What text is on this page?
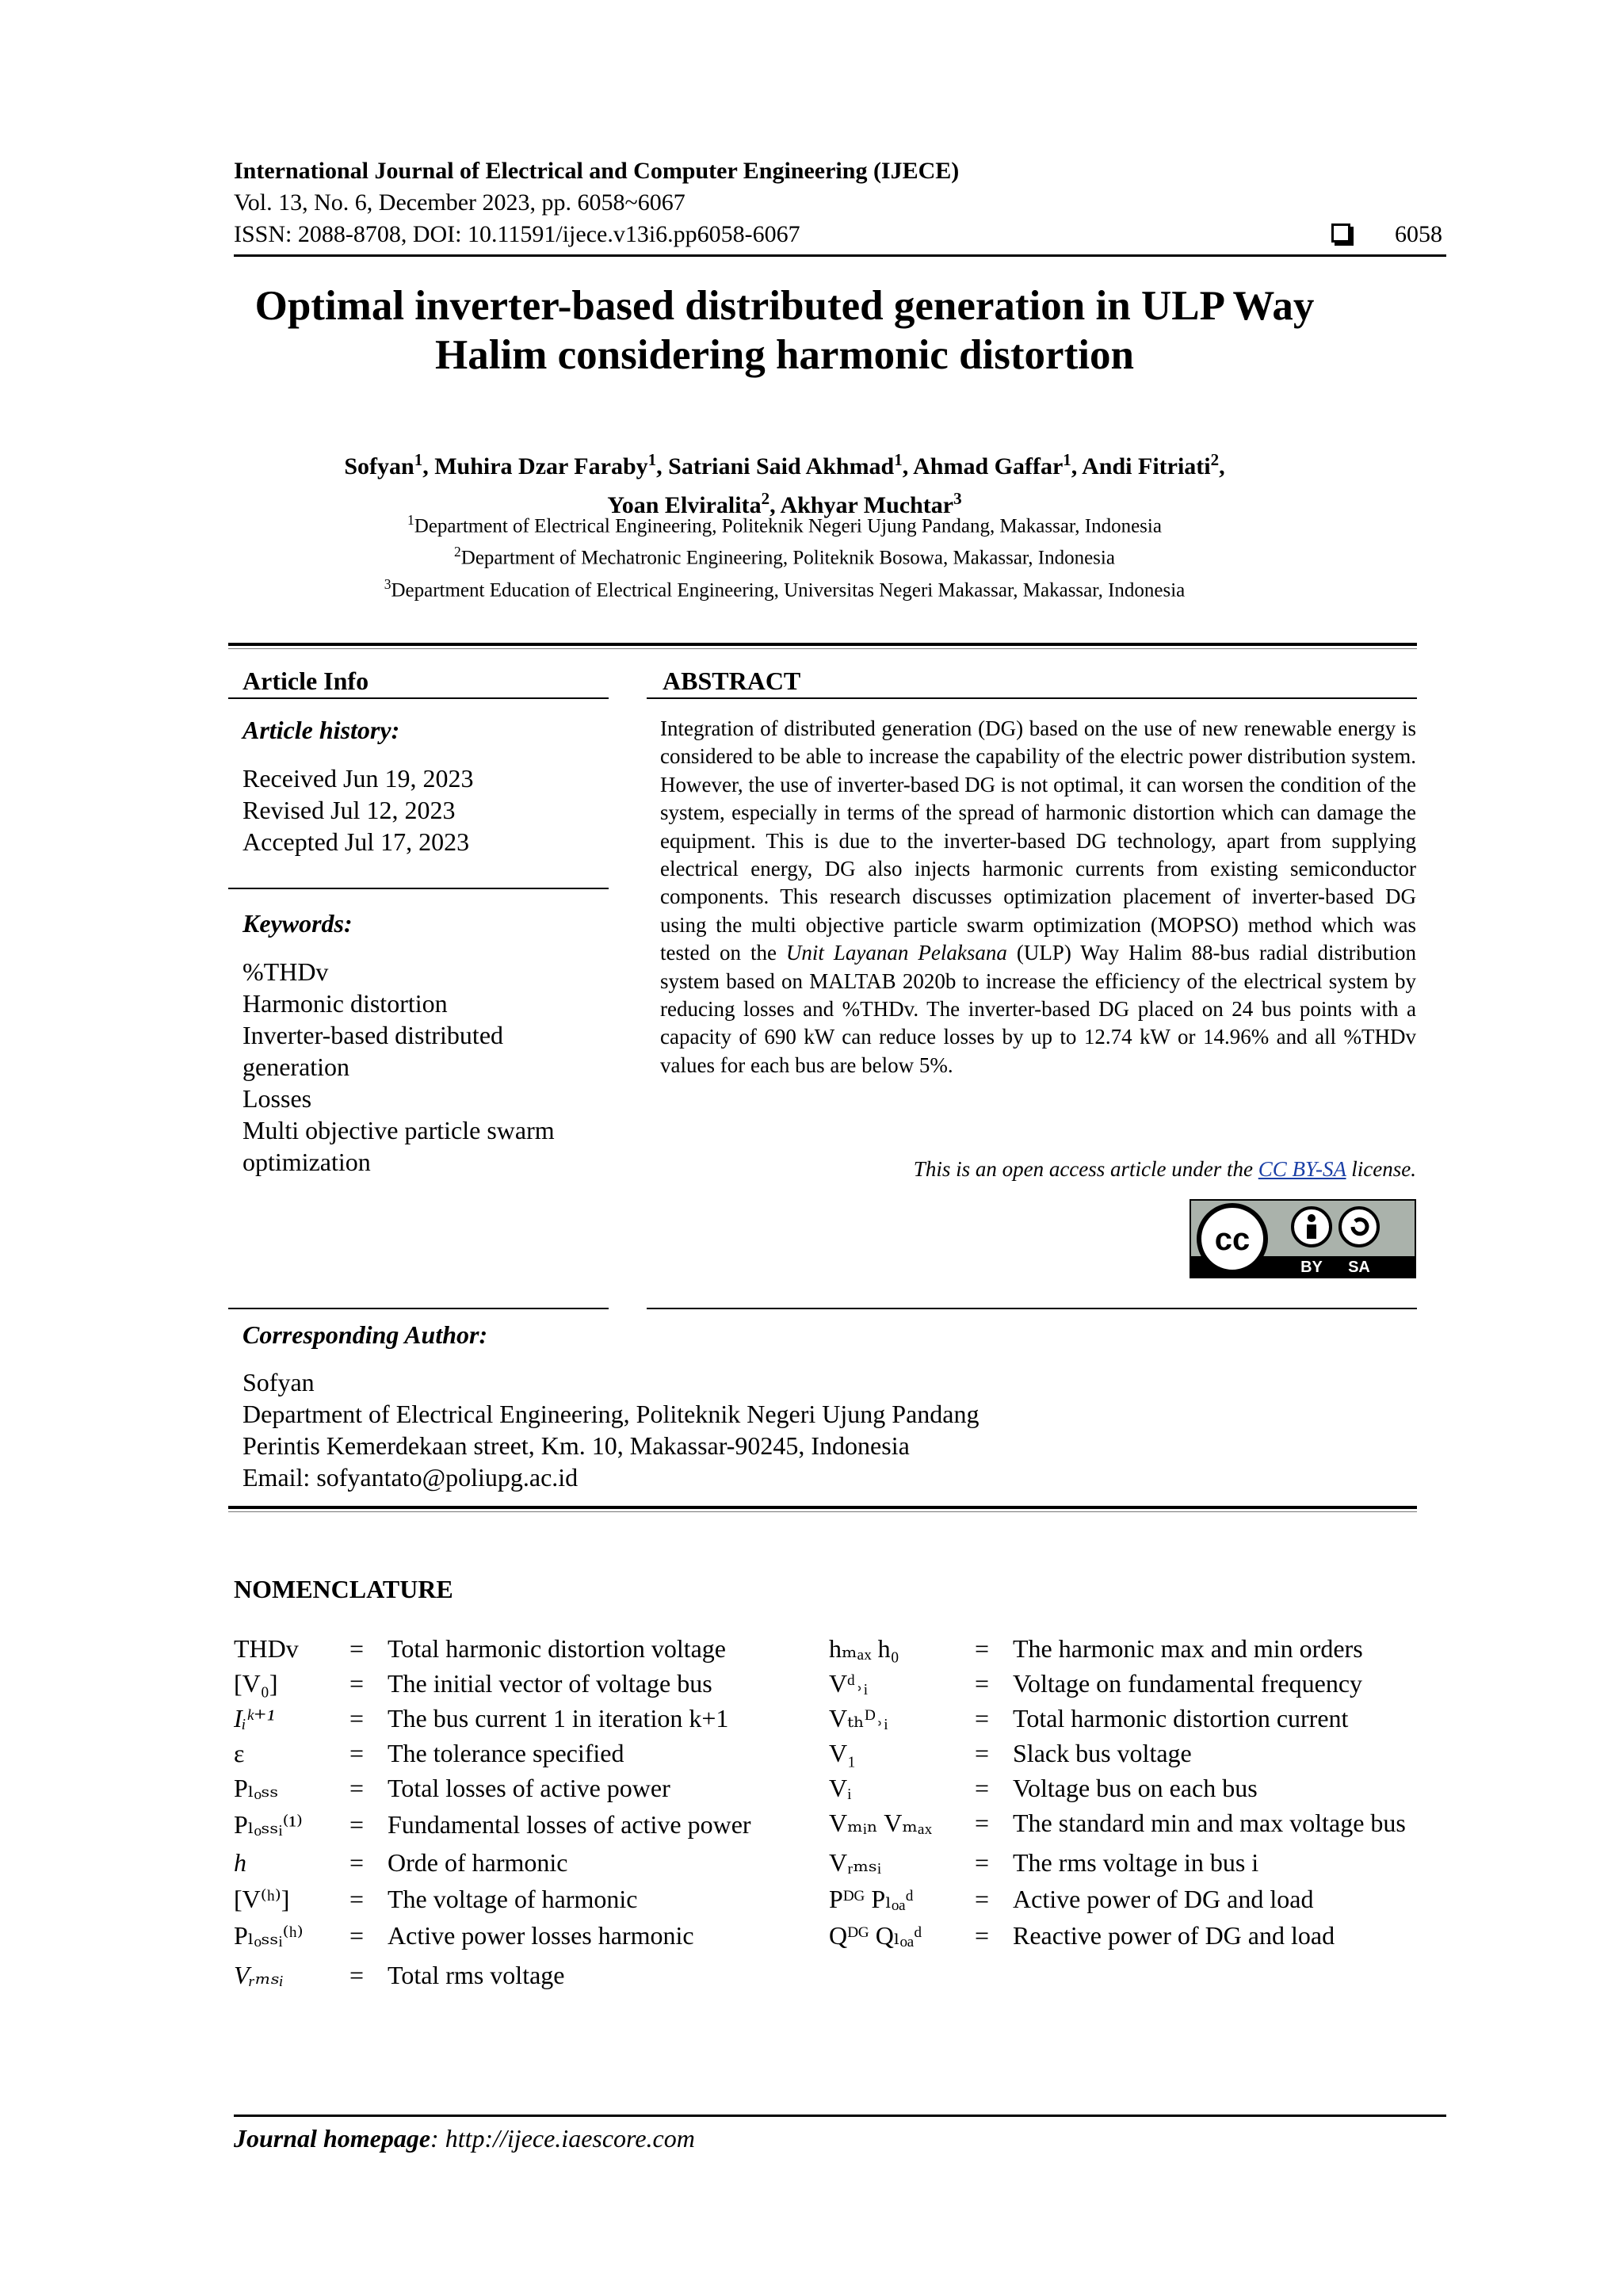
International Journal of Electrical and Computer Engineering (IJECE)
Vol. 13, No. 6, December 2023, pp. 6058~6067
ISSN: 2088-8708, DOI: 10.11591/ijece.v13i6.pp6058-6067	6058
Optimal inverter-based distributed generation in ULP Way
Halim considering harmonic distortion
Sofyan$^1$, Muhira Dzar Faraby$^1$, Satriani Said Akhmad$^1$, Ahmad Gaffar$^1$, Andi Fitriati$^2$,
Yoan Elviralita$^2$, Akhyar Muchtar$^3$
$^1$Department of Electrical Engineering, Politeknik Negeri Ujung Pandang, Makassar, Indonesia
$^2$Department of Mechatronic Engineering, Politeknik Bosowa, Makassar, Indonesia
$^3$Department Education of Electrical Engineering, Universitas Negeri Makassar, Makassar, Indonesia
Article Info
Article history:
Received Jun 19, 2023
Revised Jul 12, 2023
Accepted Jul 17, 2023
Keywords:
%THDv
Harmonic distortion
Inverter-based distributed
generation
Losses
Multi objective particle swarm
optimization
ABSTRACT
Integration of distributed generation (DG) based on the use of new renewable energy is considered to be able to increase the capability of the electric power distribution system. However, the use of inverter-based DG is not optimal, it can worsen the condition of the system, especially in terms of the spread of harmonic distortion which can damage the equipment. This is due to the inverter-based DG technology, apart from supplying electrical energy, DG also injects harmonic currents from existing semiconductor components. This research discusses optimization placement of inverter-based DG using the multi objective particle swarm optimization (MOPSO) method which was tested on the Unit Layanan Pelaksana (ULP) Way Halim 88-bus radial distribution system based on MALTAB 2020b to increase the efficiency of the electrical system by reducing losses and %THDv. The inverter-based DG placed on 24 bus points with a capacity of 690 kW can reduce losses by up to 12.74 kW or 14.96% and all %THDv values for each bus are below 5%.
This is an open access article under the CC BY-SA license.
cc
BY SA
Corresponding Author:
Sofyan
Department of Electrical Engineering, Politeknik Negeri Ujung Pandang
Perintis Kemerdekaan street, Km. 10, Makassar-90245, Indonesia
Email: sofyantato@poliupg.ac.id
NOMENCLATURE
THDv = Total harmonic distortion voltage
[V₀]	= The initial vector of voltage bus
Iᵢᵏ⁺¹	= The bus current 1 in iteration k+1
ε	= The tolerance specified
Pₗₒₛₛ	= Total losses of active power
Pₗₒₛₛᵢ⁽¹⁾ = Fundamental losses of active power
h	= Orde of harmonic
[V⁽ʰ⁾] = The voltage of harmonic
Pₗₒₛₛᵢ⁽ʰ⁾ = Active power losses harmonic
Vᵣₘₛᵢ	= Total rms voltage
hₘₐₓ h₀	= The harmonic max and min orders
Vᵈ˒ᵢ	= Voltage on fundamental frequency
Vₜₕᴰ˒ᵢ	= Total harmonic distortion current
V₁	= Slack bus voltage
Vᵢ	= Voltage bus on each bus
Vₘᵢₙ Vₘₐₓ = The standard min and max voltage bus
Vᵣₘₛᵢ	= The rms voltage in bus i
Pᴰᴳ Pₗₒₐᵈ = Active power of DG and load
Qᴰᴳ Qₗₒₐᵈ = Reactive power of DG and load
Journal homepage: http://ijece.iaescore.com
